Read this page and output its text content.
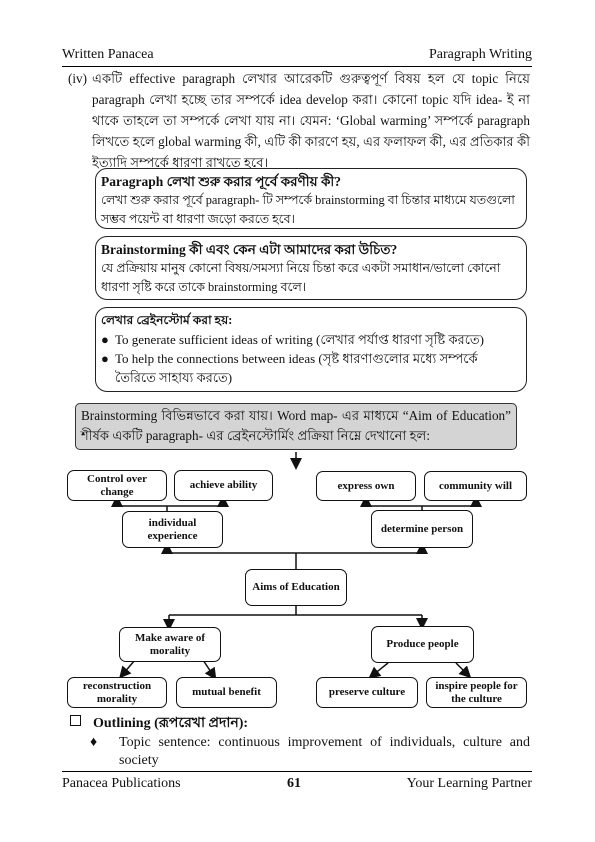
Written Panacea	Paragraph Writing
(iv) একটি effective paragraph লেখার আরেকটি গুরুত্বপূর্ণ বিষয় হল যে topic নিয়ে paragraph লেখা হচ্ছে তার সম্পর্কে idea develop করা। কোনো topic যদি idea- ই না থাকে তাহলে তা সম্পর্কে লেখা যায় না। যেমন: ‘Global warming’ সম্পর্কে paragraph লিখতে হলে global warming কী, এটি কী কারণে হয়, এর ফলাফল কী, এর প্রতিকার কী ইত্যাদি সম্পর্কে ধারণা রাখতে হবে।
Paragraph লেখা শুরু করার পূর্বে করণীয় কী?
লেখা শুরু করার পূর্বে paragraph- টি সম্পর্কে brainstorming বা চিন্তার মাধ্যমে যতগুলো সম্ভব পয়েন্ট বা ধারণা জড়ো করতে হবে।
Brainstorming কী এবং কেন এটা আমাদের করা উচিত?
যে প্রক্রিয়ায় মানুষ কোনো বিষয়/সমস্যা নিয়ে চিন্তা করে একটা সমাধান/ভালো কোনো ধারণা সৃষ্টি করে তাকে brainstorming বলে।
লেখার ব্রেইনস্টোর্ম করা হয়:
● To generate sufficient ideas of writing (লেখার পর্যাপ্ত ধারণা সৃষ্টি করতে)
● To help the connections between ideas (সৃষ্ট ধারণাগুলোর মধ্যে সম্পর্কে তৈরিতে সাহায্য করতে)
Brainstorming বিভিন্নভাবে করা যায়। Word map- এর মাধ্যমে “Aim of Education” শীর্ষক একটি paragraph- এর ব্রেইনস্টোর্মিং প্রক্রিয়া নিম্নে দেখানো হল:
Control over change
achieve ability	express own	community will
individual experience
determine person
Aims of Education
Make aware of morality
Produce people
reconstruction morality
mutual benefit	preserve culture
inspire people for the culture
Outlining (রূপরেখা প্রদান):
♦ Topic sentence: continuous improvement of individuals, culture and society
Panacea Publications	61	Your Learning Partner
